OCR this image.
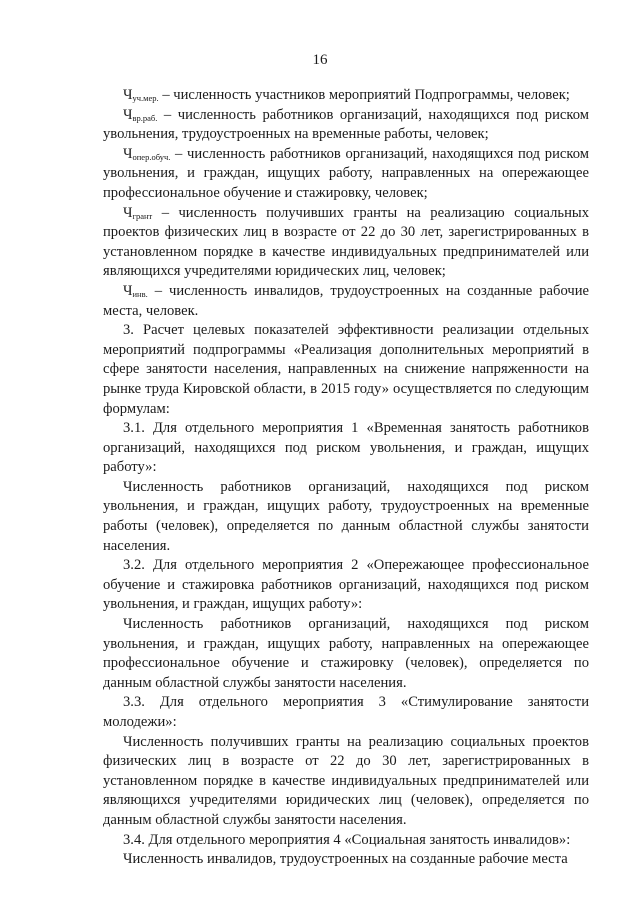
16

$Ч_{уч.мер.}$ – численность участников мероприятий Подпрограммы, человек;

$Ч_{вр.раб.}$ – численность работников организаций, находящихся под риском увольнения, трудоустроенных на временные работы, человек;

$Ч_{опер.обуч.}$ – численность работников организаций, находящихся под риском увольнения, и граждан, ищущих работу, направленных на опережающее профессиональное обучение и стажировку, человек;

$Ч_{грант}$ – численность получивших гранты на реализацию социальных проектов физических лиц в возрасте от 22 до 30 лет, зарегистрированных в установленном порядке в качестве индивидуальных предпринимателей или являющихся учредителями юридических лиц, человек;

$Ч_{инв.}$ – численность инвалидов, трудоустроенных на созданные рабочие места, человек.

3. Расчет целевых показателей эффективности реализации отдельных мероприятий подпрограммы «Реализация дополнительных мероприятий в сфере занятости населения, направленных на снижение напряженности на рынке труда Кировской области, в 2015 году» осуществляется по следующим формулам:

3.1. Для отдельного мероприятия 1 «Временная занятость работников организаций, находящихся под риском увольнения, и граждан, ищущих работу»:

Численность работников организаций, находящихся под риском увольнения, и граждан, ищущих работу, трудоустроенных на временные работы (человек), определяется по данным областной службы занятости населения.

3.2. Для отдельного мероприятия 2 «Опережающее профессиональное обучение и стажировка работников организаций, находящихся под риском увольнения, и граждан, ищущих работу»:

Численность работников организаций, находящихся под риском увольнения, и граждан, ищущих работу, направленных на опережающее профессиональное обучение и стажировку (человек), определяется по данным областной службы занятости населения.

3.3. Для отдельного мероприятия 3 «Стимулирование занятости молодежи»:

Численность получивших гранты на реализацию социальных проектов физических лиц в возрасте от 22 до 30 лет, зарегистрированных в установленном порядке в качестве индивидуальных предпринимателей или являющихся учредителями юридических лиц (человек), определяется по данным областной службы занятости населения.

3.4. Для отдельного мероприятия 4 «Социальная занятость инвалидов»:

Численность инвалидов, трудоустроенных на созданные рабочие места
